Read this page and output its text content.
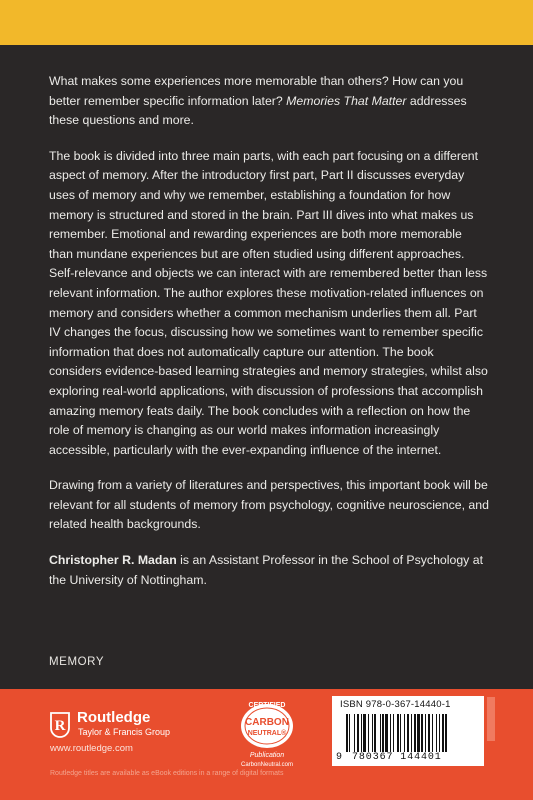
What makes some experiences more memorable than others? How can you better remember specific information later? Memories That Matter addresses these questions and more.

The book is divided into three main parts, with each part focusing on a different aspect of memory. After the introductory first part, Part II discusses everyday uses of memory and why we remember, establishing a foundation for how memory is structured and stored in the brain. Part III dives into what makes us remember. Emotional and rewarding experiences are both more memorable than mundane experiences but are often studied using different approaches. Self-relevance and objects we can interact with are remembered better than less relevant information. The author explores these motivation-related influences on memory and considers whether a common mechanism underlies them all. Part IV changes the focus, discussing how we sometimes want to remember specific information that does not automatically capture our attention. The book considers evidence-based learning strategies and memory strategies, whilst also exploring real-world applications, with discussion of professions that accomplish amazing memory feats daily. The book concludes with a reflection on how the role of memory is changing as our world makes information increasingly accessible, particularly with the ever-expanding influence of the internet.

Drawing from a variety of literatures and perspectives, this important book will be relevant for all students of memory from psychology, cognitive neuroscience, and related health backgrounds.

Christopher R. Madan is an Assistant Professor in the School of Psychology at the University of Nottingham.

MEMORY
R Routledge
Taylor & Francis Group
www.routledge.com
Routledge titles are available as eBook editions in a range of digital formats
CERTIFIED
CARBON
NEUTRAL®
Publication
CarbonNeutral.com
ISBN 978-0-367-14440-1
9 780367 144401
